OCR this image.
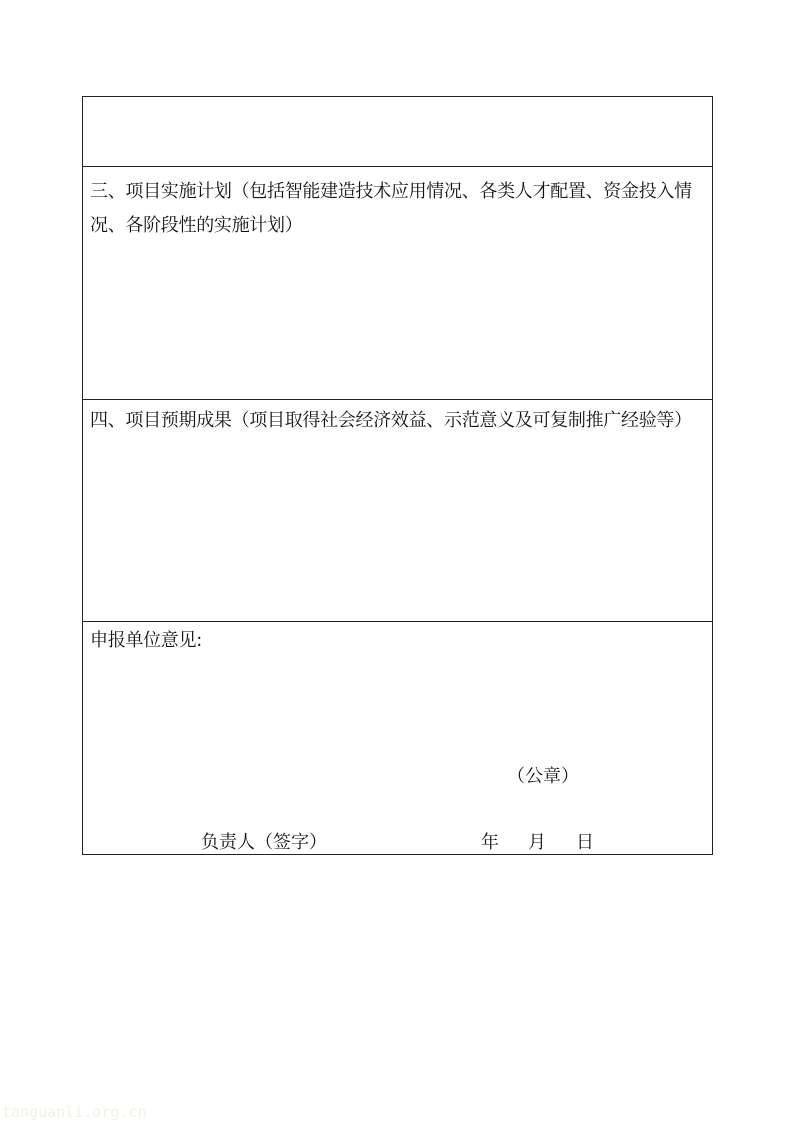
三、项目实施计划（包括智能建造技术应用情况、各类人才配置、资金投入情况、各阶段性的实施计划）
四、项目预期成果（项目取得社会经济效益、示范意义及可复制推广经验等）
申报单位意见:
（公章）
负责人（签字）	年 月 日
tanguanli.org.cn
